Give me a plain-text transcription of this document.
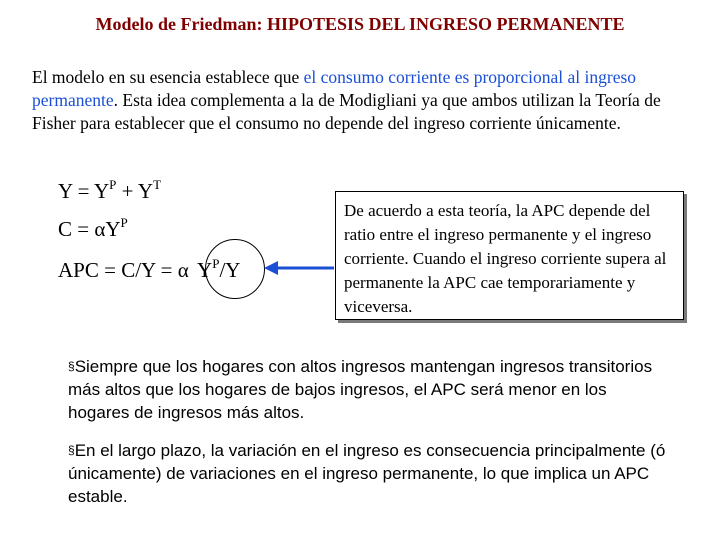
Modelo de Friedman: HIPOTESIS DEL INGRESO PERMANENTE
El modelo en su esencia establece que el consumo corriente es proporcional al ingreso permanente. Esta idea complementa a la de Modigliani ya que ambos utilizan la Teoría de Fisher para establecer que el consumo no depende del ingreso corriente únicamente.
$Y = Y^P + Y^T$
$C = \alpha Y^P$
APC = C/Y = α $Y^P/Y$
De acuerdo a esta teoría, la APC depende del ratio entre el ingreso permanente y el ingreso corriente. Cuando el ingreso corriente supera al permanente la APC cae temporariamente y viceversa.
§Siempre que los hogares con altos ingresos mantengan ingresos transitorios más altos que los hogares de bajos ingresos, el APC será menor en los hogares de ingresos más altos.
§En el largo plazo, la variación en el ingreso es consecuencia principalmente (ó únicamente) de variaciones en el ingreso permanente, lo que implica un APC estable.
